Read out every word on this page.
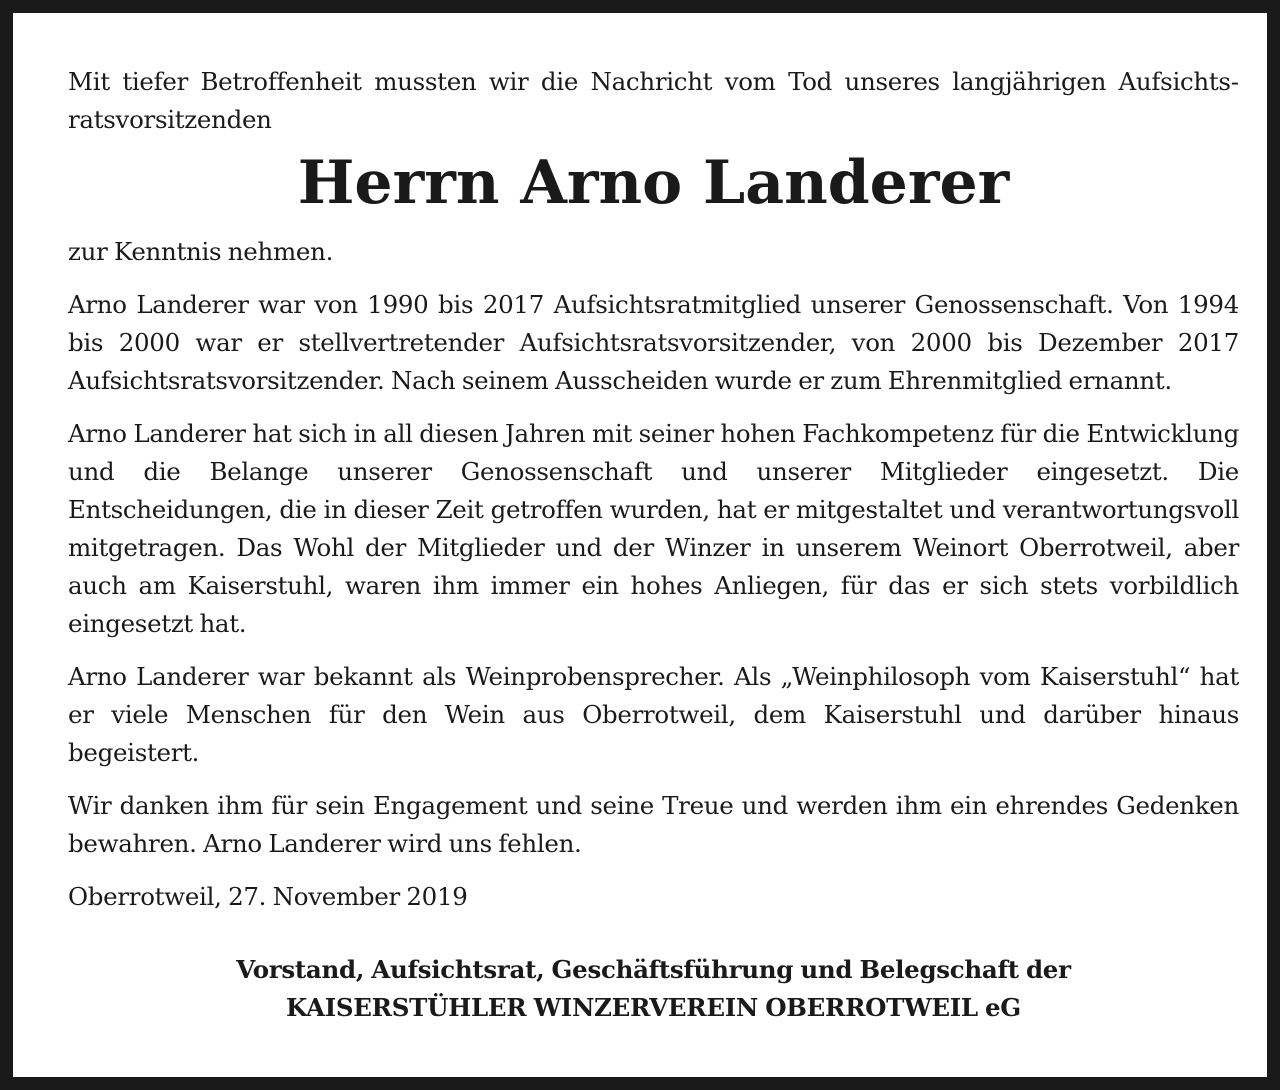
Mit tiefer Betroffenheit mussten wir die Nachricht vom Tod unseres langjährigen Aufsichtsratsvorsitzenden

Herrn Arno Landerer

zur Kenntnis nehmen.

Arno Landerer war von 1990 bis 2017 Aufsichtsratmitglied unserer Genossenschaft. Von 1994 bis 2000 war er stellvertretender Aufsichtsratsvorsitzender, von 2000 bis Dezember 2017 Aufsichtsratsvorsitzender. Nach seinem Ausscheiden wurde er zum Ehrenmitglied ernannt.

Arno Landerer hat sich in all diesen Jahren mit seiner hohen Fachkompetenz für die Entwicklung und die Belange unserer Genossenschaft und unserer Mitglieder eingesetzt. Die Entscheidungen, die in dieser Zeit getroffen wurden, hat er mitgestaltet und verantwortungsvoll mitgetragen. Das Wohl der Mitglieder und der Winzer in unserem Weinort Oberrotweil, aber auch am Kaiserstuhl, waren ihm immer ein hohes Anliegen, für das er sich stets vorbildlich eingesetzt hat.

Arno Landerer war bekannt als Weinprobensprecher. Als „Weinphilosoph vom Kaiserstuhl“ hat er viele Menschen für den Wein aus Oberrotweil, dem Kaiserstuhl und darüber hinaus begeistert.

Wir danken ihm für sein Engagement und seine Treue und werden ihm ein ehrendes Gedenken bewahren. Arno Landerer wird uns fehlen.

Oberrotweil, 27. November 2019

Vorstand, Aufsichtsrat, Geschäftsführung und Belegschaft der
KAISERSTÜHLER WINZERVEREIN OBERROTWEIL eG
